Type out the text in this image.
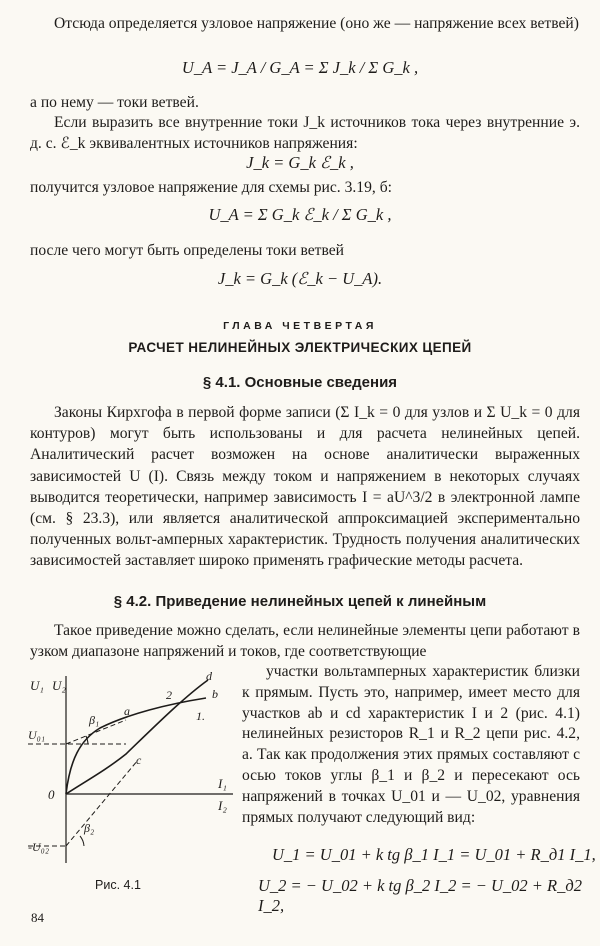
Отсюда определяется узловое напряжение (оно же — напряжение всех ветвей)
U_A = J_A / G_A = Σ J_k / Σ G_k ,
а по нему — токи ветвей.
Если выразить все внутренние токи J_k источников тока через внутренние э. д. с. ℰ_k эквивалентных источников напряжения:
J_k = G_k ℰ_k ,
получится узловое напряжение для схемы рис. 3.19, б:
U_A = Σ G_k ℰ_k / Σ G_k ,
после чего могут быть определены токи ветвей
J_k = G_k (ℰ_k − U_A).
ГЛАВА ЧЕТВЕРТАЯ
РАСЧЕТ НЕЛИНЕЙНЫХ ЭЛЕКТРИЧЕСКИХ ЦЕПЕЙ
§ 4.1. Основные сведения
Законы Кирхгофа в первой форме записи (Σ I_k = 0 для узлов и Σ U_k = 0 для контуров) могут быть использованы и для расчета нелинейных цепей. Аналитический расчет возможен на основе аналитически выраженных зависимостей U (I). Связь между током и напряжением в некоторых случаях выводится теоретически, например зависимость I = aU^3/2 в электронной лампе (см. § 23.3), или является аналитической аппроксимацией экспериментально полученных вольт-амперных характеристик. Трудность получения аналитических зависимостей заставляет широко применять графические методы расчета.
§ 4.2. Приведение нелинейных цепей к линейным
Такое приведение можно сделать, если нелинейные элементы цепи работают в узком диапазоне напряжений и токов, где соответствующие
участки вольтамперных характеристик близки к прямым. Пусть это, например, имеет место для участков ab и cd характеристик I и 2 (рис. 4.1) нелинейных резисторов R_1 и R_2 цепи рис. 4.2, a. Так как продолжения этих прямых составляют с осью токов углы β_1 и β_2 и пересекают ось напряжений в точках U_01 и — U_02, уравнения прямых получают следующий вид:
U₁ U₂
U₀₁
0
-U₀₂
I₁
I₂
β₁
β₂
a
b
c
d
1.
2
U_1 = U_01 + k tg β_1 I_1 = U_01 + R_д1 I_1,
U_2 = − U_02 + k tg β_2 I_2 = − U_02 + R_д2 I_2,
Рис. 4.1
84
